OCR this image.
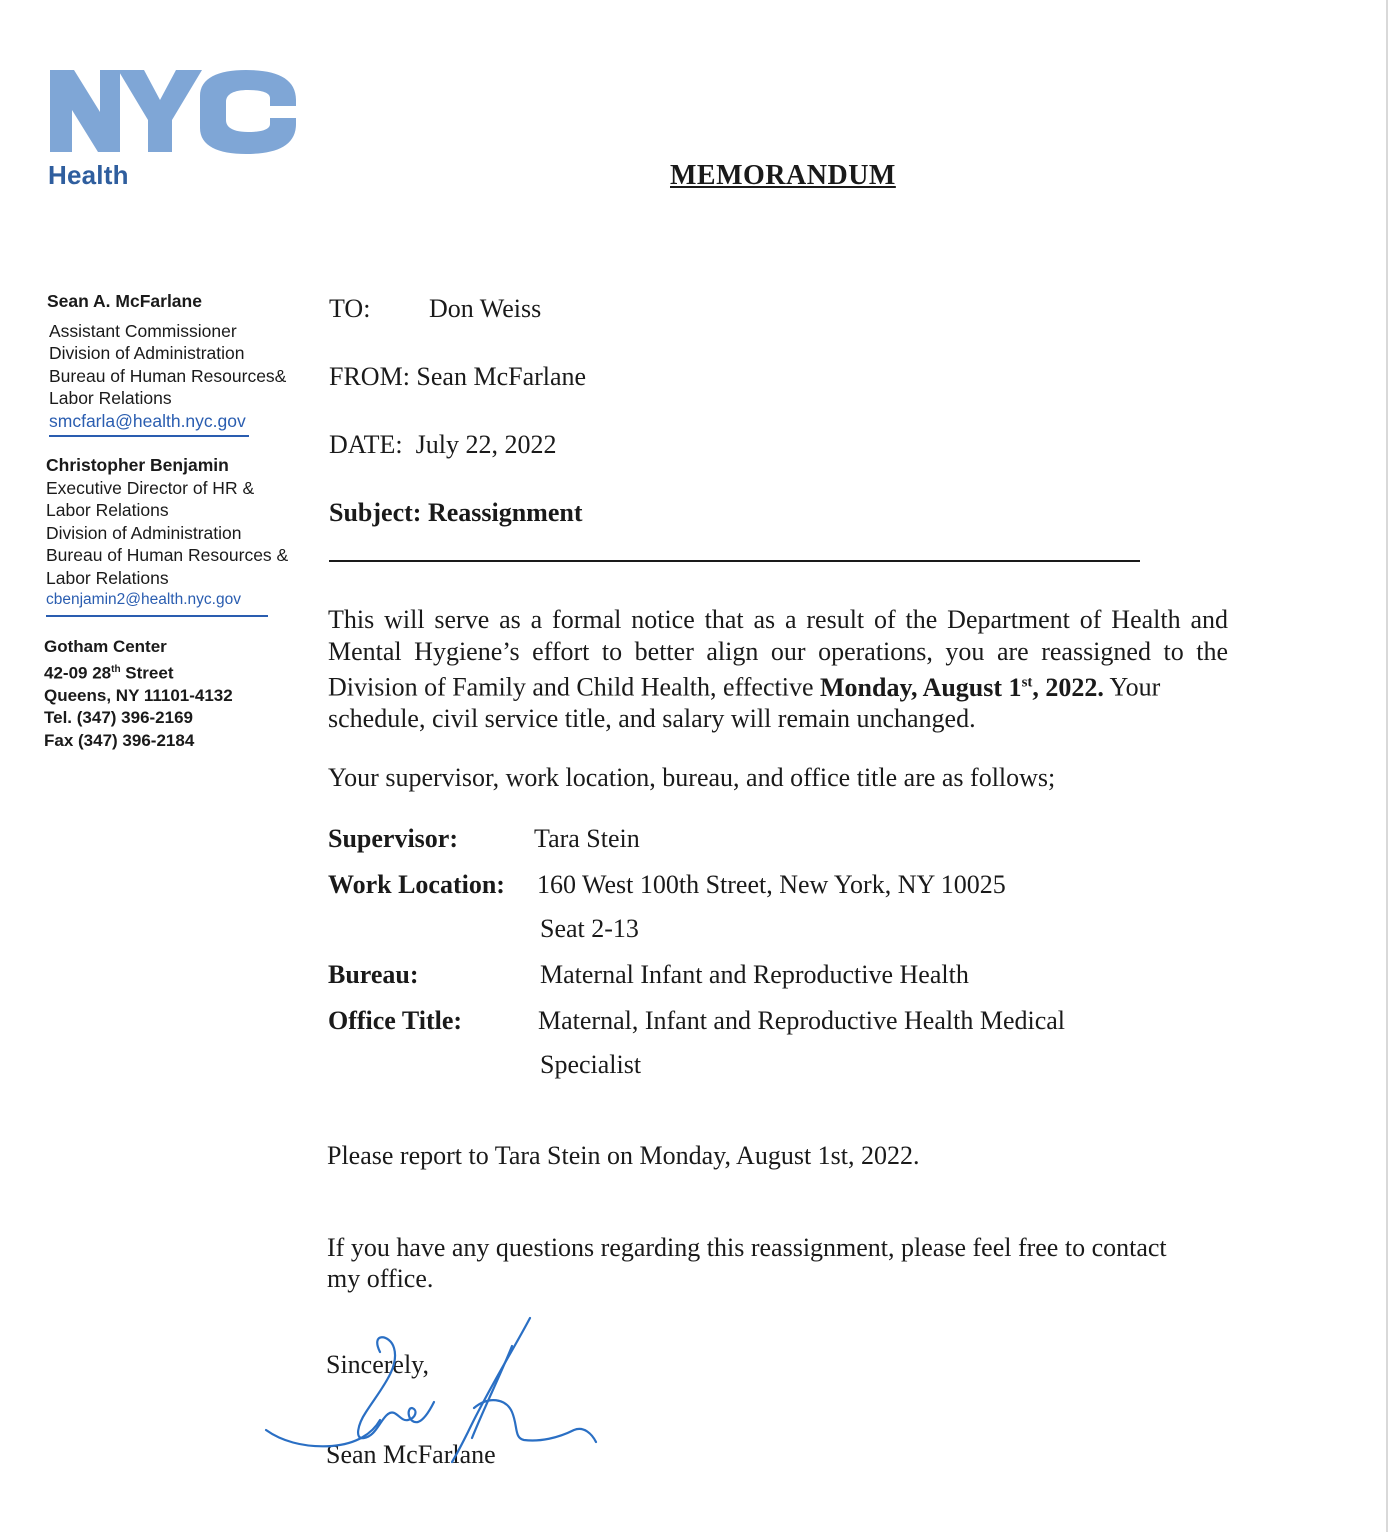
Health	MEMORANDUM
Sean A. McFarlane
Assistant Commissioner
Division of Administration
Bureau of Human Resources&
Labor Relations
smcfarla@health.nyc.gov
Christopher Benjamin
Executive Director of HR &
Labor Relations
Division of Administration
Bureau of Human Resources &
Labor Relations
cbenjamin2@health.nyc.gov
Gotham Center
42-09 28th Street
Queens, NY 11101-4132
Tel. (347) 396-2169
Fax (347) 396-2184
TO: Don Weiss
FROM: Sean McFarlane
DATE: July 22, 2022
Subject: Reassignment
This will serve as a formal notice that as a result of the Department of Health and Mental Hygiene’s effort to better align our operations, you are reassigned to the Division of Family and Child Health, effective Monday, August 1st, 2022. Your
schedule, civil service title, and salary will remain unchanged.
Your supervisor, work location, bureau, and office title are as follows;
Supervisor:	Tara Stein
Work Location: 160 West 100th Street, New York, NY 10025
Seat 2-13
Bureau:	Maternal Infant and Reproductive Health
Office Title:	Maternal, Infant and Reproductive Health Medical
Specialist
Please report to Tara Stein on Monday, August 1st, 2022.
If you have any questions regarding this reassignment, please feel free to contact
my office.
Sincerely,
Sean McFarlane
